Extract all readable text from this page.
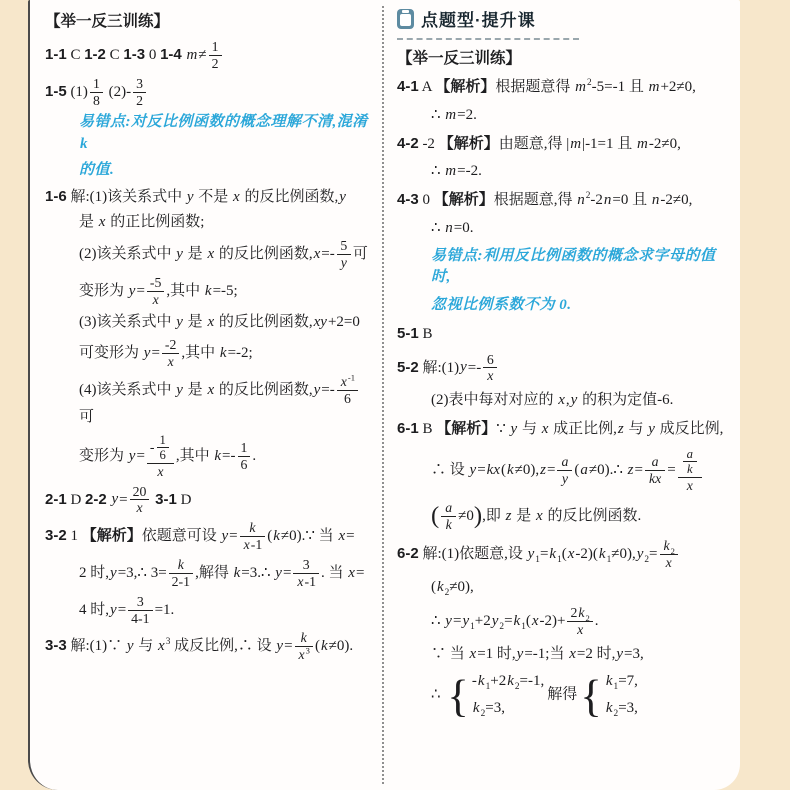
【举一反三训练】
1-1 C 1-2 C 1-3 0 1-4 $m\ne \frac{1}{2}$
1-5 $(1) \frac{1}{8} (2)- \frac{3}{2}$
易错点:对反比例函数的概念理解不清,混淆 k
的值.
1-6 解:(1)该关系式中 y 不是 x 的反比例函数,y
是 x 的正比例函数;
(2)该关系式中 y 是 x 的反比例函数$,x=- \frac{5}{y}$ 可
变形为 $y= \frac{-5}{x}$ ,其中 k=-5;
(3)该关系式中 y 是 x 的反比例函数,xy+2=0
可变形为 $y= \frac{-2}{x}$ ,其中 k=-2;
(4)该关系式中 y 是 x 的反比例函数$,y=- \frac{x^{-1}}{6}$
可
变形为 $y= \frac{- \frac{1}{6}}{x}$ ,其中 $k=- \frac{1}{6}$ .
2-1 D 2-2 $y= \frac{20}{x} 3-1$ D
3-2 1 【解析】依题意可设 $y= \frac{k}{x-1}$ (k≠0).∵ 当 x=
2 时,y=3,∴ $3= \frac{k}{2-1}$ ,解得 k=3.∴ $y= \frac{3}{x-1}$ . 当 x=
4 时$,y= \frac{3}{4-1} =1$.
3-3 解:(1)∵ y 与 $x^3$ 成反比例,∴ 设 $y= \frac{k}{x^3} (k\ne 0)$.
点题型·提升课
【举一反三训练】
4-1 A 【解析】根据题意得 $m^2-5=-1$ 且 m+2≠0,
∴ m=2.
4-2 -2 【解析】由题意,得 |m|-1=1 且 m-2≠0,
∴ m=-2.
4-3 0 【解析】根据题意,得 $n^2-2n=0$ 且 n-2≠0,
∴ n=0.
易错点:利用反比例函数的概念求字母的值时,
忽视比例系数不为 0.
5-1 B
5-2 解:(1)y=- $\frac{6}{x}$
(2)表中每对对应的 x,y 的积为定值-6.
6-1 B 【解析】∵ y 与 x 成正比例,z 与 y 成反比例,
∴ 设 $y=kx(k\ne 0),z= \frac{a}{y}$ (a≠0).∴ $z= \frac{a}{kx} = \frac{\frac{a}{k}}{x}$
( $\frac{a}{k} \ne 0$),即 z 是 x 的反比例函数.
6-2 解:(1)依题意,设 $y_1=k_1(x-2)(k_1\ne 0),y_2= \frac{k_2}{x}$
$(k_2\ne 0)$,
∴ $y=y_1+2y_2=k_1(x-2)+ \frac{2k_2}{x}$ .
∵ 当 x=1 时,y=-1;当 x=2 时,y=3,
∴ { $-k_1+2k_2=-1$,
$k_2=3$,
解得 { $k_1=7$,
$k_2=3$,
